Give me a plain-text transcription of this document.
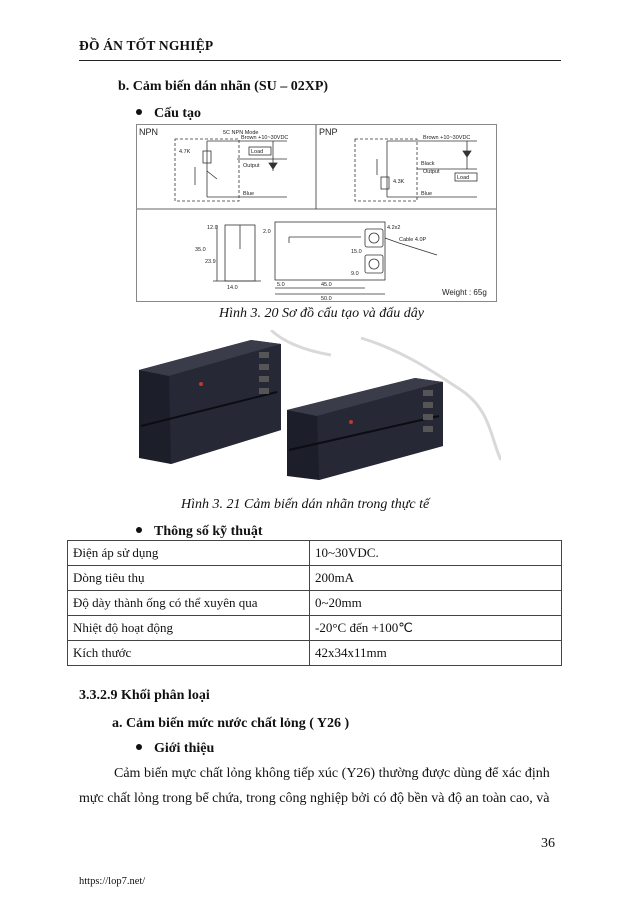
ĐỒ ÁN TỐT NGHIỆP
b. Cảm biến dán nhãn (SU – 02XP)
Cấu tạo
NPN	PNP
5C NPN Mode
Brown +10~30VDC
Load
Output
Blue
4.7K
Brown +10~30VDC
Black
Load
Output
Blue
4.3K
12.0
35.0
23.9
14.0
2.0
4.2x2
15.0
9.0
5.0	45.0
50.0
Cable 4.0P
Weight : 65g
Hình 3. 20 Sơ đồ cấu tạo và đấu dây
Hình 3. 21 Cảm biến dán nhãn trong thực tế
Thông số kỹ thuật
Điện áp sử dụng	10~30VDC.
Dòng tiêu thụ	200mA
Độ dày thành ống có thể xuyên qua	0~20mm
Nhiệt độ hoạt động	-20°C đến +100℃
Kích thước	42x34x11mm
3.3.2.9 Khối phân loại
a. Cảm biến mức nước chất lỏng ( Y26 )
Giới thiệu
Cảm biến mực chất lỏng không tiếp xúc (Y26) thường được dùng để xác định
mực chất lỏng trong bể chứa, trong công nghiệp bởi có độ bền và độ an toàn cao, và
36
https://lop7.net/
